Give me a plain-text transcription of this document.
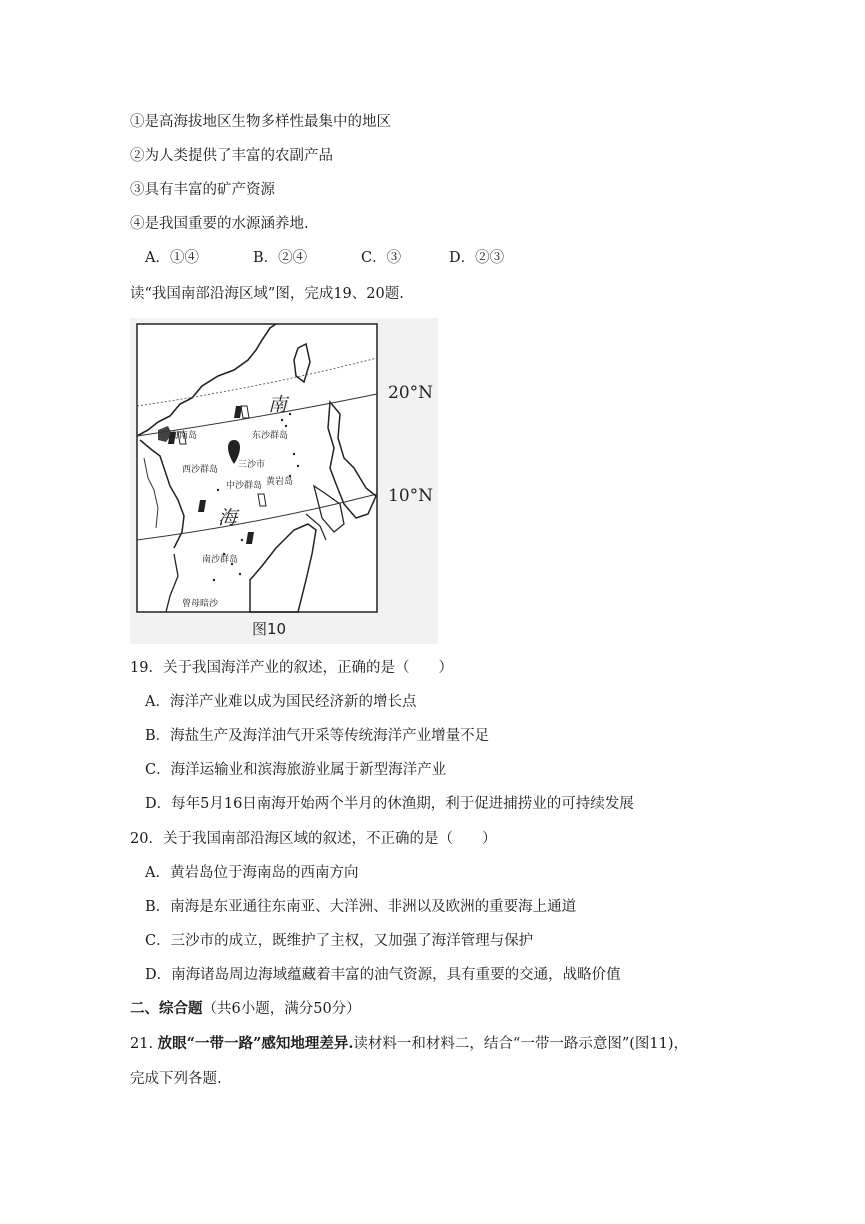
①是高海拔地区生物多样性最集中的地区
②为人类提供了丰富的农副产品
③具有丰富的矿产资源
④是我国重要的水源涵养地.
A．①④	B．②④	C．③	D．②③
读“我国南部沿海区域”图，完成19、20题.
南
海
20°N
10°N
海南岛	东沙群岛
西沙群岛 三沙市
中沙群岛 黄岩岛
南沙群岛
曾母暗沙
图10
19．关于我国海洋产业的叙述，正确的是（　　）
A．海洋产业难以成为国民经济新的增长点
B．海盐生产及海洋油气开采等传统海洋产业增量不足
C．海洋运输业和滨海旅游业属于新型海洋产业
D．每年5月16日南海开始两个半月的休渔期，利于促进捕捞业的可持续发展
20．关于我国南部沿海区域的叙述，不正确的是（　　）
A．黄岩岛位于海南岛的西南方向
B．南海是东亚通往东南亚、大洋洲、非洲以及欧洲的重要海上通道
C．三沙市的成立，既维护了主权，又加强了海洋管理与保护
D．南海诸岛周边海域蕴藏着丰富的油气资源，具有重要的交通，战略价值
二、综合题（共6小题，满分50分）
21. 放眼“一带一路”感知地理差异.读材料一和材料二，结合“一带一路示意图”(图11)，
完成下列各题.
